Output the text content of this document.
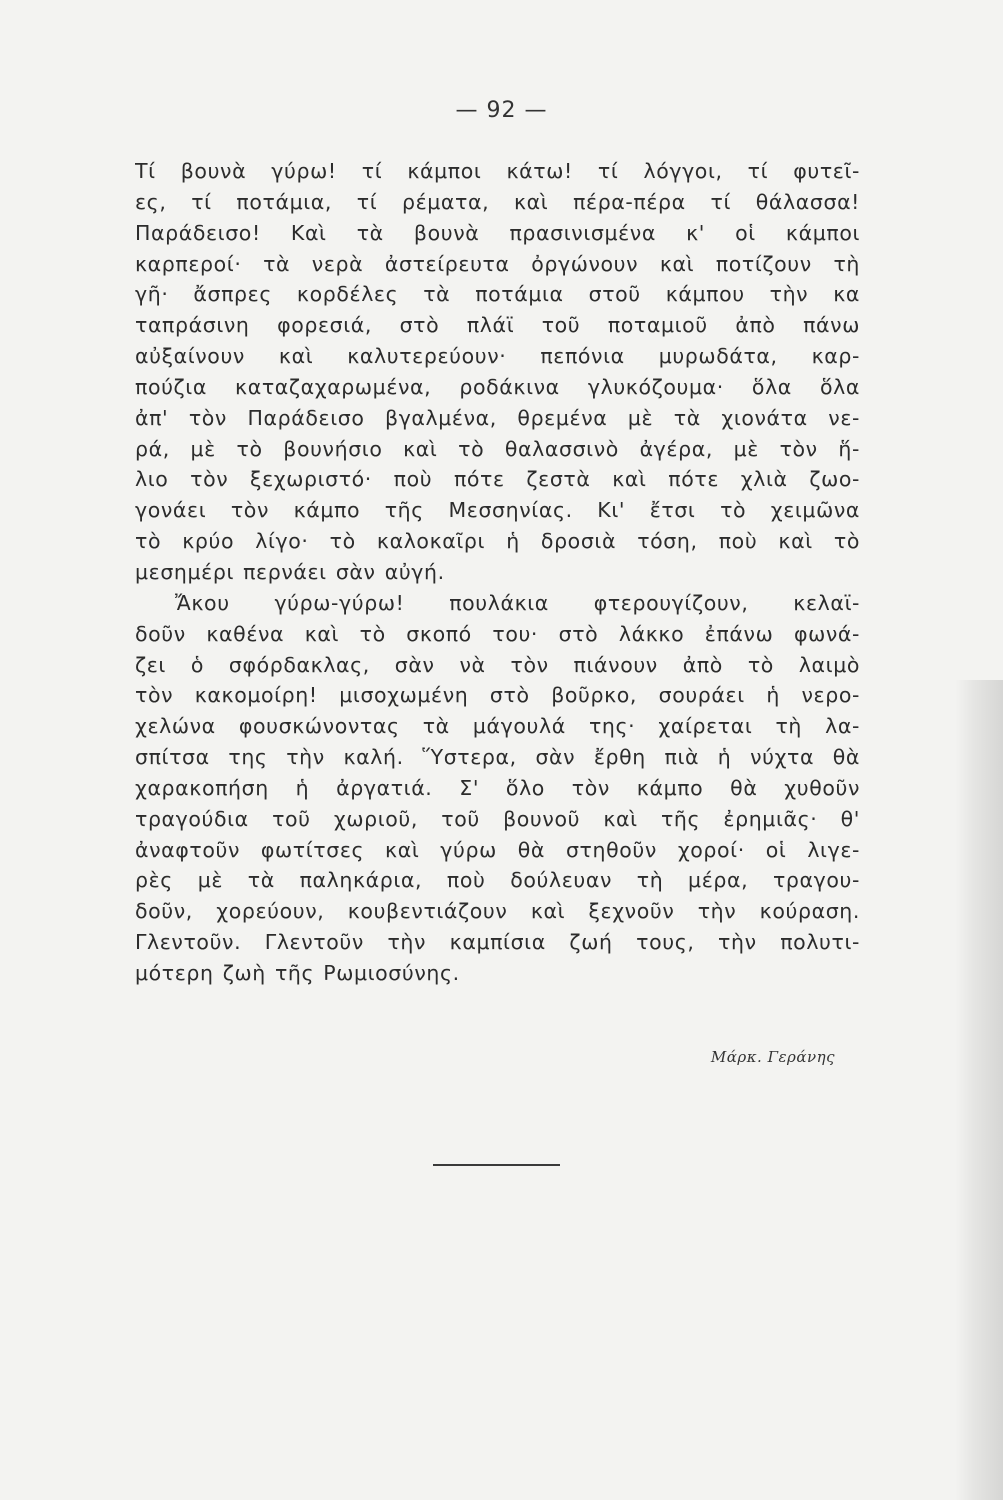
— 92 —
Τί βουνὰ γύρω! τί κάμποι κάτω! τί λόγγοι, τί φυτεῖ-
ες, τί ποτάμια, τί ρέματα, καὶ πέρα-πέρα τί θάλασσα!
Παράδεισο! Καὶ τὰ βουνὰ πρασινισμένα κ' οἱ κάμποι
καρπεροί· τὰ νερὰ ἀστείρευτα ὀργώνουν καὶ ποτίζουν τὴ
γῆ· ἄσπρες κορδέλες τὰ ποτάμια στοῦ κάμπου τὴν κα
ταπράσινη φορεσιά, στὸ πλάϊ τοῦ ποταμιοῦ ἀπὸ πάνω
αὐξαίνουν καὶ καλυτερεύουν· πεπόνια μυρωδάτα, καρ-
πούζια καταζαχαρωμένα, ροδάκινα γλυκόζουμα· ὅλα ὅλα
ἀπ' τὸν Παράδεισο βγαλμένα, θρεμένα μὲ τὰ χιονάτα νε-
ρά, μὲ τὸ βουνήσιο καὶ τὸ θαλασσινὸ ἀγέρα, μὲ τὸν ἥ-
λιο τὸν ξεχωριστό· ποὺ πότε ζεστὰ καὶ πότε χλιὰ ζωο-
γονάει τὸν κάμπο τῆς Μεσσηνίας. Κι' ἔτσι τὸ χειμῶνα
τὸ κρύο λίγο· τὸ καλοκαῖρι ἡ δροσιὰ τόση, ποὺ καὶ τὸ
μεσημέρι περνάει σὰν αὐγή.
Ἄκου γύρω-γύρω! πουλάκια φτερουγίζουν, κελαϊ-
δοῦν καθένα καὶ τὸ σκοπό του· στὸ λάκκο ἐπάνω φωνά-
ζει ὁ σφόρδακλας, σὰν νὰ τὸν πιάνουν ἀπὸ τὸ λαιμὸ
τὸν κακομοίρη! μισοχωμένη στὸ βοῦρκο, σουράει ἡ νερο-
χελώνα φουσκώνοντας τὰ μάγουλά της· χαίρεται τὴ λα-
σπίτσα της τὴν καλή. Ὕστερα, σὰν ἔρθη πιὰ ἡ νύχτα θὰ
χαρακοπήση ἡ ἀργατιά. Σ' ὅλο τὸν κάμπο θὰ χυθοῦν
τραγούδια τοῦ χωριοῦ, τοῦ βουνοῦ καὶ τῆς ἐρημιᾶς· θ'
ἀναφτοῦν φωτίτσες καὶ γύρω θὰ στηθοῦν χοροί· οἱ λιγε-
ρὲς μὲ τὰ παληκάρια, ποὺ δούλευαν τὴ μέρα, τραγου-
δοῦν, χορεύουν, κουβεντιάζουν καὶ ξεχνοῦν τὴν κούραση.
Γλεντοῦν. Γλεντοῦν τὴν καμπίσια ζωή τους, τὴν πολυτι-
μότερη ζωὴ τῆς Ρωμιοσύνης.
Μάρκ. Γεράνης
